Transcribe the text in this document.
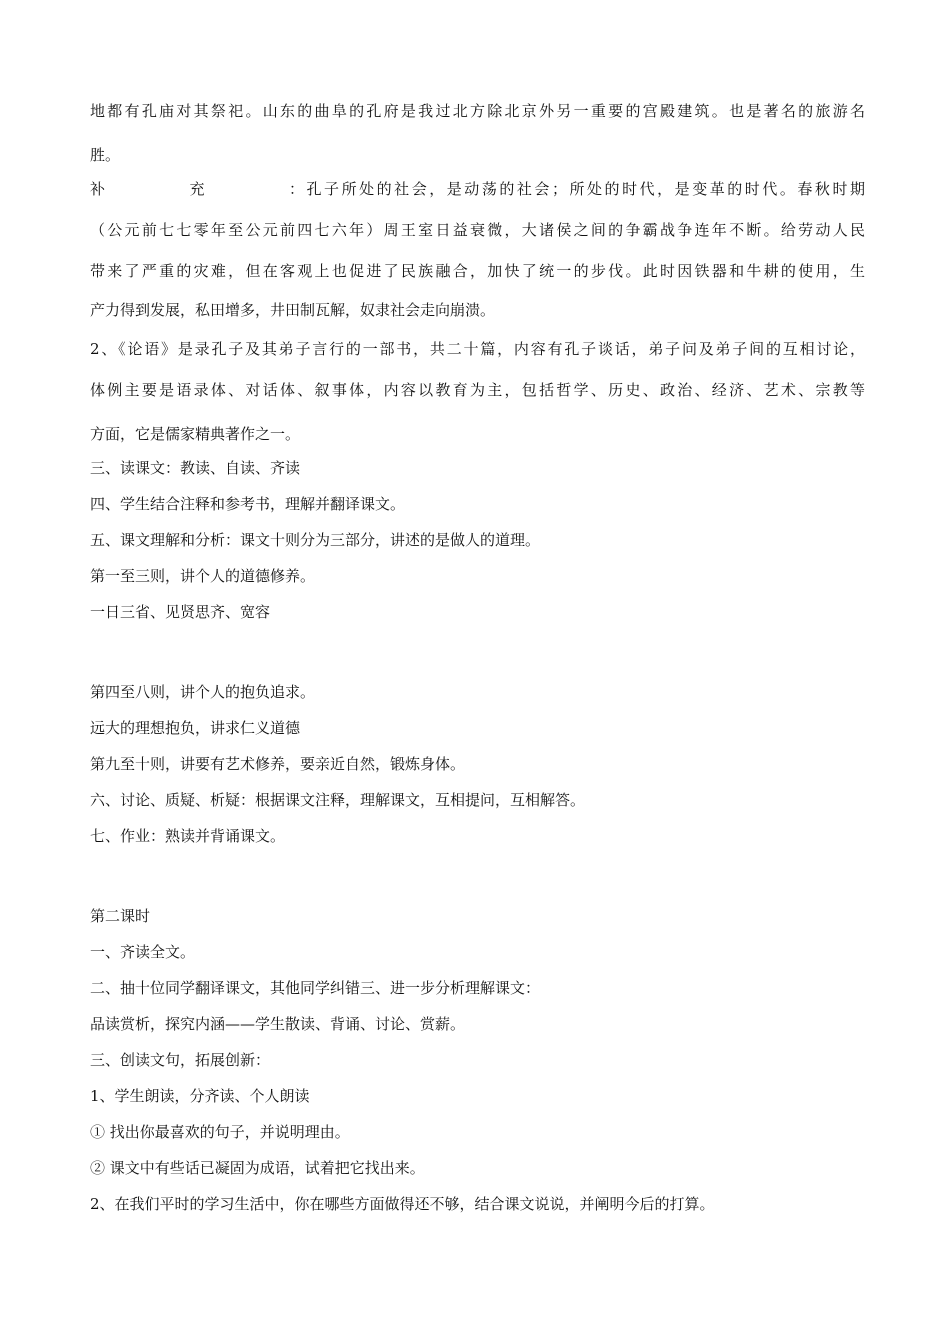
地都有孔庙对其祭祀。山东的曲阜的孔府是我过北方除北京外另一重要的宫殿建筑。也是著名的旅游名
胜。
补充：孔子所处的社会，是动荡的社会；所处的时代，是变革的时代。春秋时期
（公元前七七零年至公元前四七六年）周王室日益衰微，大诸侯之间的争霸战争连年不断。给劳动人民
带来了严重的灾难，但在客观上也促进了民族融合，加快了统一的步伐。此时因铁器和牛耕的使用，生
产力得到发展，私田增多，井田制瓦解，奴隶社会走向崩溃。
2、《论语》是录孔子及其弟子言行的一部书，共二十篇，内容有孔子谈话，弟子问及弟子间的互相讨论，
体例主要是语录体、对话体、叙事体，内容以教育为主，包括哲学、历史、政治、经济、艺术、宗教等
方面，它是儒家精典著作之一。
三、读课文：教读、自读、齐读
四、学生结合注释和参考书，理解并翻译课文。
五、课文理解和分析：课文十则分为三部分，讲述的是做人的道理。
第一至三则，讲个人的道德修养。
一日三省、见贤思齐、宽容
第四至八则，讲个人的抱负追求。
远大的理想抱负，讲求仁义道德
第九至十则，讲要有艺术修养，要亲近自然，锻炼身体。
六、讨论、质疑、析疑：根据课文注释，理解课文，互相提问，互相解答。
七、作业：熟读并背诵课文。
第二课时
一、齐读全文。
二、抽十位同学翻译课文，其他同学纠错三、进一步分析理解课文：
品读赏析，探究内涵——学生散读、背诵、讨论、赏薪。
三、创读文句，拓展创新：
1、学生朗读，分齐读、个人朗读
① 找出你最喜欢的句子，并说明理由。
② 课文中有些话已凝固为成语，试着把它找出来。
2、在我们平时的学习生活中，你在哪些方面做得还不够，结合课文说说，并阐明今后的打算。
